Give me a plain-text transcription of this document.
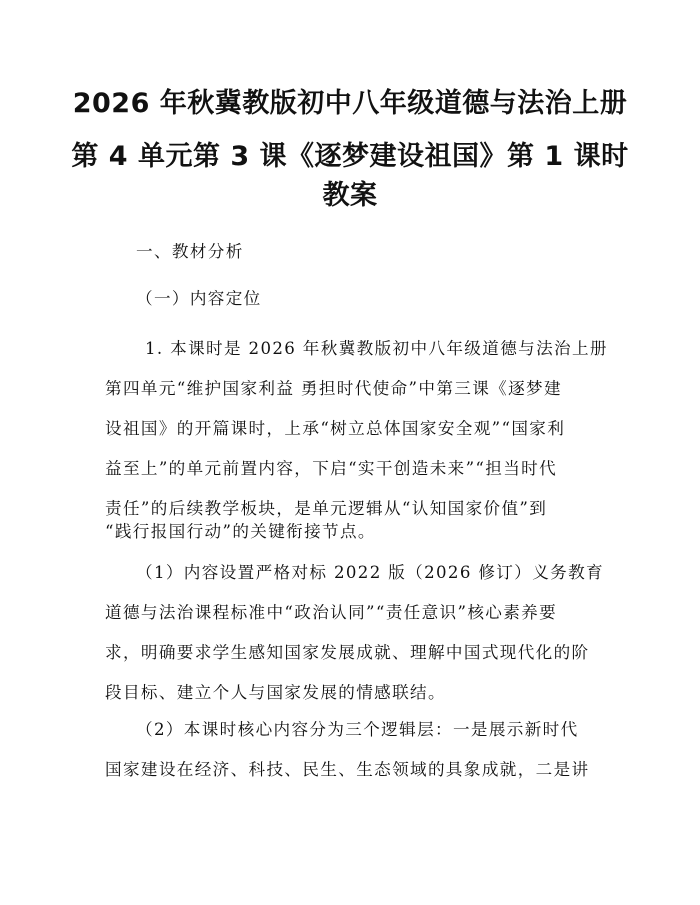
2026 年秋冀教版初中八年级道德与法治上册
第 4 单元第 3 课《逐梦建设祖国》第 1 课时
教案
一、教材分析
（一）内容定位
1. 本课时是 2026 年秋冀教版初中八年级道德与法治上册
第四单元“维护国家利益 勇担时代使命”中第三课《逐梦建
设祖国》的开篇课时，上承“树立总体国家安全观”“国家利
益至上”的单元前置内容，下启“实干创造未来”“担当时代
责任”的后续教学板块，是单元逻辑从“认知国家价值”到
“践行报国行动”的关键衔接节点。
（1）内容设置严格对标 2022 版（2026 修订）义务教育
道德与法治课程标准中“政治认同”“责任意识”核心素养要
求，明确要求学生感知国家发展成就、理解中国式现代化的阶
段目标、建立个人与国家发展的情感联结。
（2）本课时核心内容分为三个逻辑层：一是展示新时代
国家建设在经济、科技、民生、生态领域的具象成就，二是讲
